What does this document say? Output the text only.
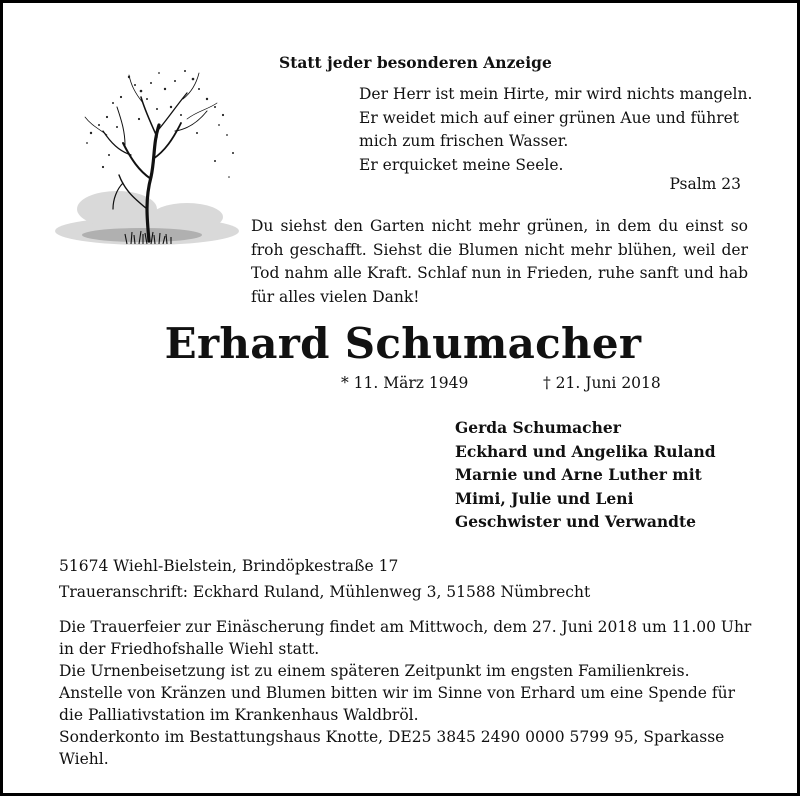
Statt jeder besonderen Anzeige
Der Herr ist mein Hirte, mir wird nichts mangeln.
Er weidet mich auf einer grünen Aue und führet
mich zum frischen Wasser.
Er erquicket meine Seele.
Psalm 23
Du siehst den Garten nicht mehr grünen, in dem du einst so froh geschafft. Siehst die Blumen nicht mehr blühen, weil der Tod nahm alle Kraft. Schlaf nun in Frieden, ruhe sanft und hab für alles vielen Dank!
Erhard Schumacher
* 11. März 1949	† 21. Juni 2018
Gerda Schumacher
Eckhard und Angelika Ruland
Marnie und Arne Luther mit
Mimi, Julie und Leni
Geschwister und Verwandte
51674 Wiehl-Bielstein, Brindöpkestraße 17
Traueranschrift: Eckhard Ruland, Mühlenweg 3, 51588 Nümbrecht

Die Trauerfeier zur Einäscherung findet am Mittwoch, dem 27. Juni 2018 um 11.00 Uhr in der Friedhofshalle Wiehl statt.

Die Urnenbeisetzung ist zu einem späteren Zeitpunkt im engsten Familienkreis.

Anstelle von Kränzen und Blumen bitten wir im Sinne von Erhard um eine Spende für die Palliativstation im Krankenhaus Waldbröl.

Sonderkonto im Bestattungshaus Knotte, DE25 3845 2490 0000 5799 95, Sparkasse Wiehl.
